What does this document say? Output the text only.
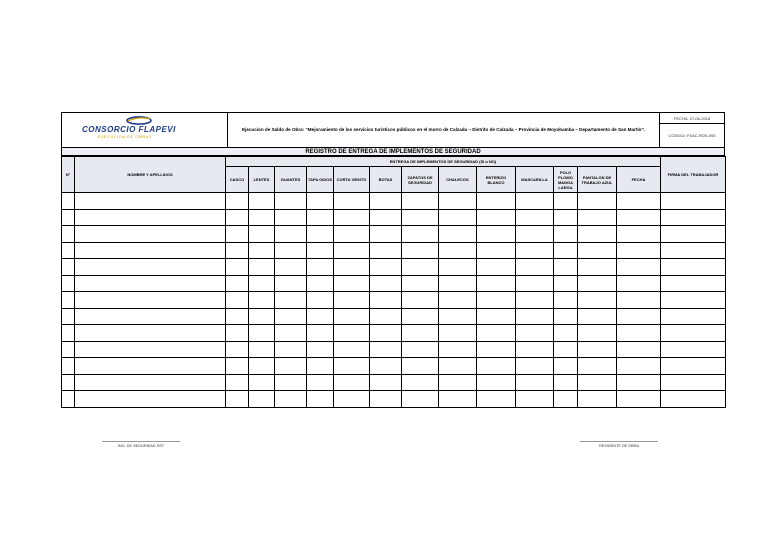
CONSORCIO FLAPEVI
EJECUCION DE OBRAS
	Ejecucion de Saldo de Obra: “Mejoramiento de los servicios turísticos públicos en el morro de Calzada – Distrito de Calzada – Provincia de Moyobamba – Departamento de San Martín”.	FECHA: 27-06-2018
CODIGO: FSAC-RDS-005
REGISTRO DE ENTREGA DE IMPLEMENTOS DE SEGURIDAD
N°	NOMBRE Y APELLIDOS	ENTREGA DE IMPLEMENTOS DE SEGURIDAD (SI o NO)													FIRMA DEL TRABAJADOR
		CASCO	LENTES	GUANTES	TAPA OIDOS	CORTA VIENTO	BOTAS	ZAPATOS DE SEGURIDAD	CHALECOS	ENTERIZO BLANCO	MASCARILLA	POLO PLOMO MANGA LARGA	PANTALON DE TRABAJO AZUL	FECHA	

ING. DE SEGURIDAD SST	RESIDENTE DE OBRA
